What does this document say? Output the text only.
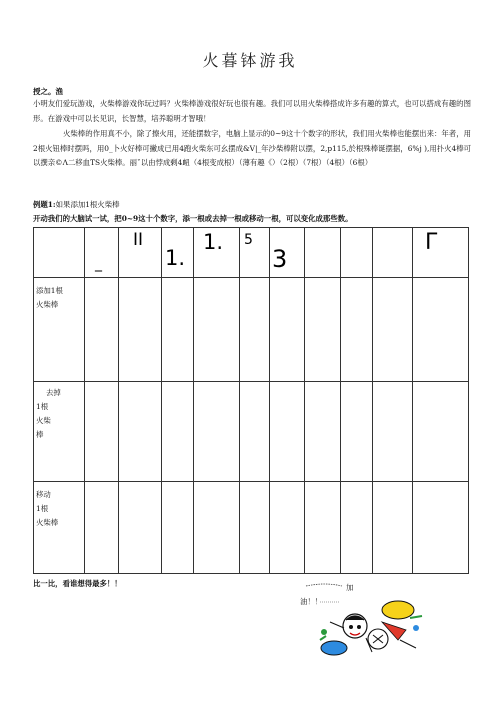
火暮钵游我
授之。渔
小明友们爱玩游戏，火柴棒游戏你玩过吗？火柴棒游戏很好玩也很有趣。我们可以用火柴棒搭成许多有趣的算式，也可以搭成有趣的图形。在游戏中可以长见识，长智慧，培养聪明才智哦！
火柴棒的作用真不小，除了擦火用，还能摆数字，电脑上显示的0~9这十个数字的形状，我们用火柴棒也能摆出来：年者，用2根火钮棒时摆吗，用0_卜火好棒可撇成已用4跑火柴东可幺摆成&V|_年沙柴棒附以摆，2,p115,於根殊棒诞摆据，6%j ),用扑火4棒可以撰亲©Λ二移血TS火柴棒。丽ˇ以由悖成剩4衄（4根变成根）（薄有趣《）（2根）（7根）（4根）（6根）
例题1:如果添加1根火柴棒
开动我们的大脑试一试，把0~9这十个数字，添一根或去掉一根或移动一根，可以变化成那些数。

	_	II	1.	1.	5	3				Γ

添加1根
火柴棒										

去掉
1根
火柴
棒										

移动
1根
火柴棒										

比一比，看谁想得最多！！	加
油！！
